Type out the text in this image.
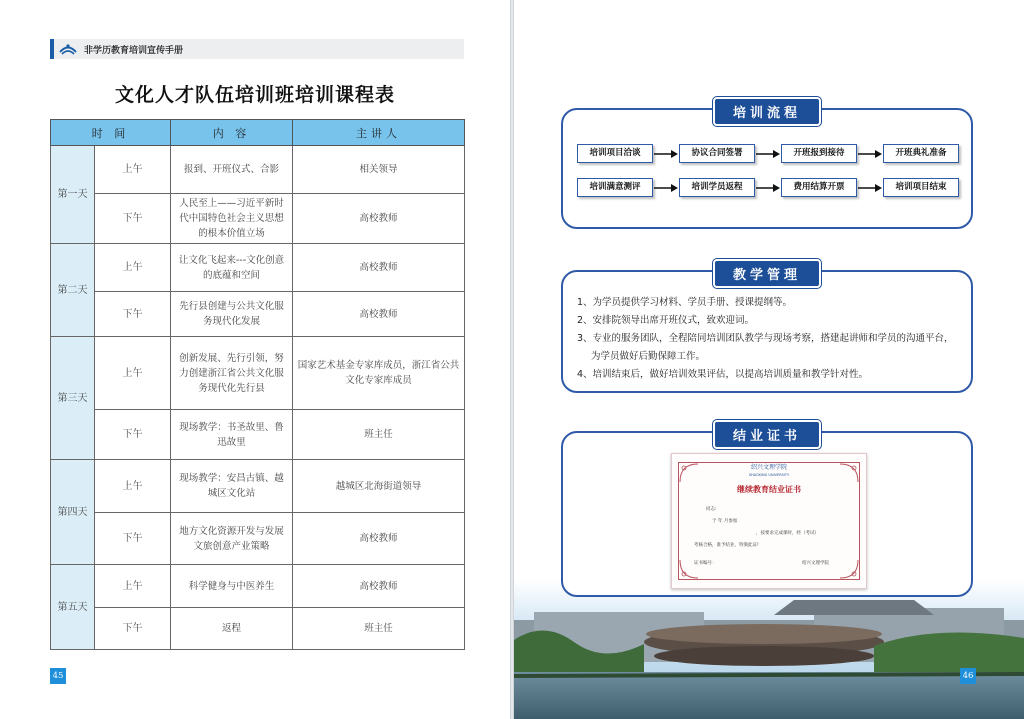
非学历教育培训宣传手册
文化人才队伍培训班培训课程表
时 间		内 容	主讲人
第一天	上午	报到、开班仪式、合影	相关领导
	下午	人民至上——习近平新时代中国特色社会主义思想的根本价值立场	高校教师
第二天	上午	让文化飞起来---文化创意的底蕴和空间	高校教师
	下午	先行县创建与公共文化服务现代化发展	高校教师
第三天	上午	创新发展、先行引领，努力创建浙江省公共文化服务现代化先行县	国家艺术基金专家库成员，浙江省公共文化专家库成员
	下午	现场教学：书圣故里、鲁迅故里	班主任
第四天	上午	现场教学：安昌古镇、越城区文化站	越城区北海街道领导
	下午	地方文化资源开发与发展文旅创意产业策略	高校教师
第五天	上午	科学健身与中医养生	高校教师
	下午	返程	班主任
45
培训流程
培训项目洽谈	协议合同签署	开班报到接待	开班典礼准备
培训满意测评	培训学员返程	费用结算开票	培训项目结束
教学管理
1、为学员提供学习材料、学员手册、授课提纲等。
2、安排院领导出席开班仪式，致欢迎词。
3、专业的服务团队，全程陪同培训团队教学与现场考察，搭建起讲师和学员的沟通平台，为学员做好后勤保障工作。
4、培训结束后，做好培训效果评估，以提高培训质量和教学针对性。
结业证书
绍兴文理学院
SHAOXING UNIVERSITY
继续教育结业证书
同志:
于 年 月参加
，按要求完成课时，经（考试）
考核合格，准予结业，特颁此证!
证书编号：	绍兴文理学院
46
